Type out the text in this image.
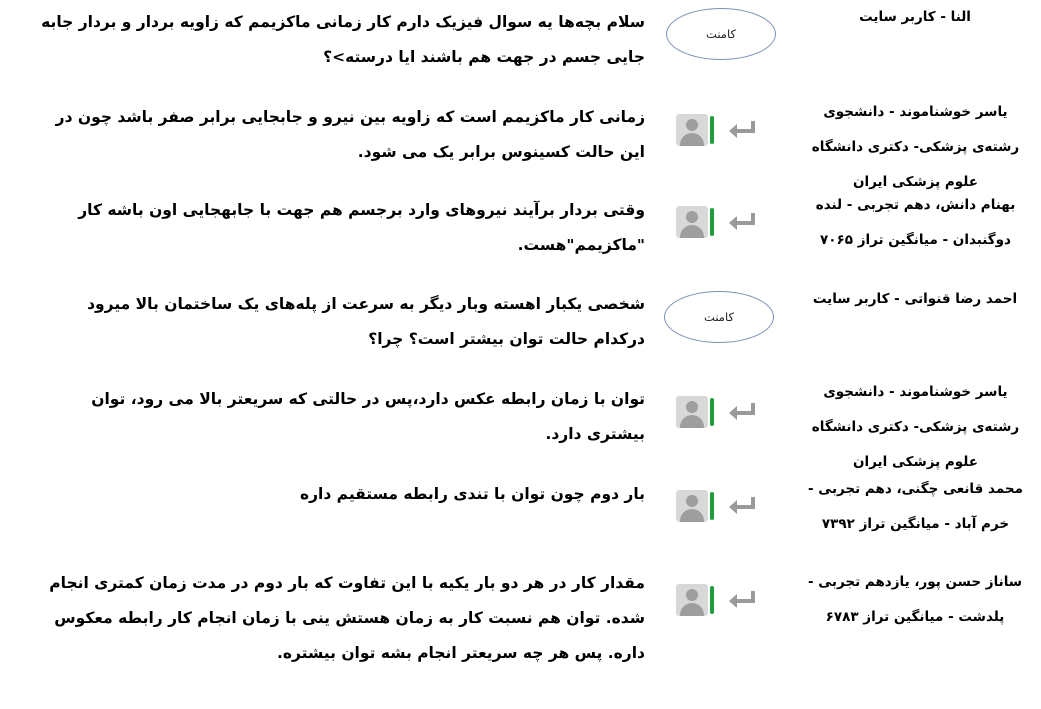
النا - کاربر سایت
کامنت
سلام بچه‌ها یه سوال فیزیک دارم کار زمانی ماکزیمم که زاویه بردار و بردار جابه جایی جسم در جهت هم باشند ایا درسته>؟
یاسر خوشناموند - دانشجوی رشته‌ی پزشکی- دکتری دانشگاه علوم پزشکی ایران
زمانی کار ماکزیمم است که زاویه بین نیرو و جابجایی برابر صفر باشد چون در این حالت کسینوس برابر یک می شود.
بهنام دانش، دهم تجربی - لنده دوگنبدان - میانگین تراز ۷۰۶۵
وقتی بردار برآیند نیروهای وارد برجسم هم جهت با جابهجایی اون باشه کار "ماکزیمم"هست.
احمد رضا قنواتی - کاربر سایت
کامنت
شخصی یکبار اهسته وبار دیگر به سرعت از پله‌های یک ساختمان بالا میرود درکدام حالت توان بیشتر است؟ چرا؟
یاسر خوشناموند - دانشجوی رشته‌ی پزشکی- دکتری دانشگاه علوم پزشکی ایران
توان با زمان رابطه عکس دارد،پس در حالتی که سریعتر بالا می رود، توان بیشتری دارد.
محمد قانعی چگنی، دهم تجربی - خرم آباد - میانگین تراز ۷۳۹۲
بار دوم چون توان با تندی رابطه مستقیم داره
ساناز حسن پور، یازدهم تجربی - پلدشت - میانگین تراز ۶۷۸۳
مقدار کار در هر دو بار یکیه با این تفاوت که بار دوم در مدت زمان کمتری انجام شده. توان هم نسبت کار به زمان هستش ینی با زمان انجام کار رابطه معکوس داره. پس هر چه سریعتر انجام بشه توان بیشتره.
